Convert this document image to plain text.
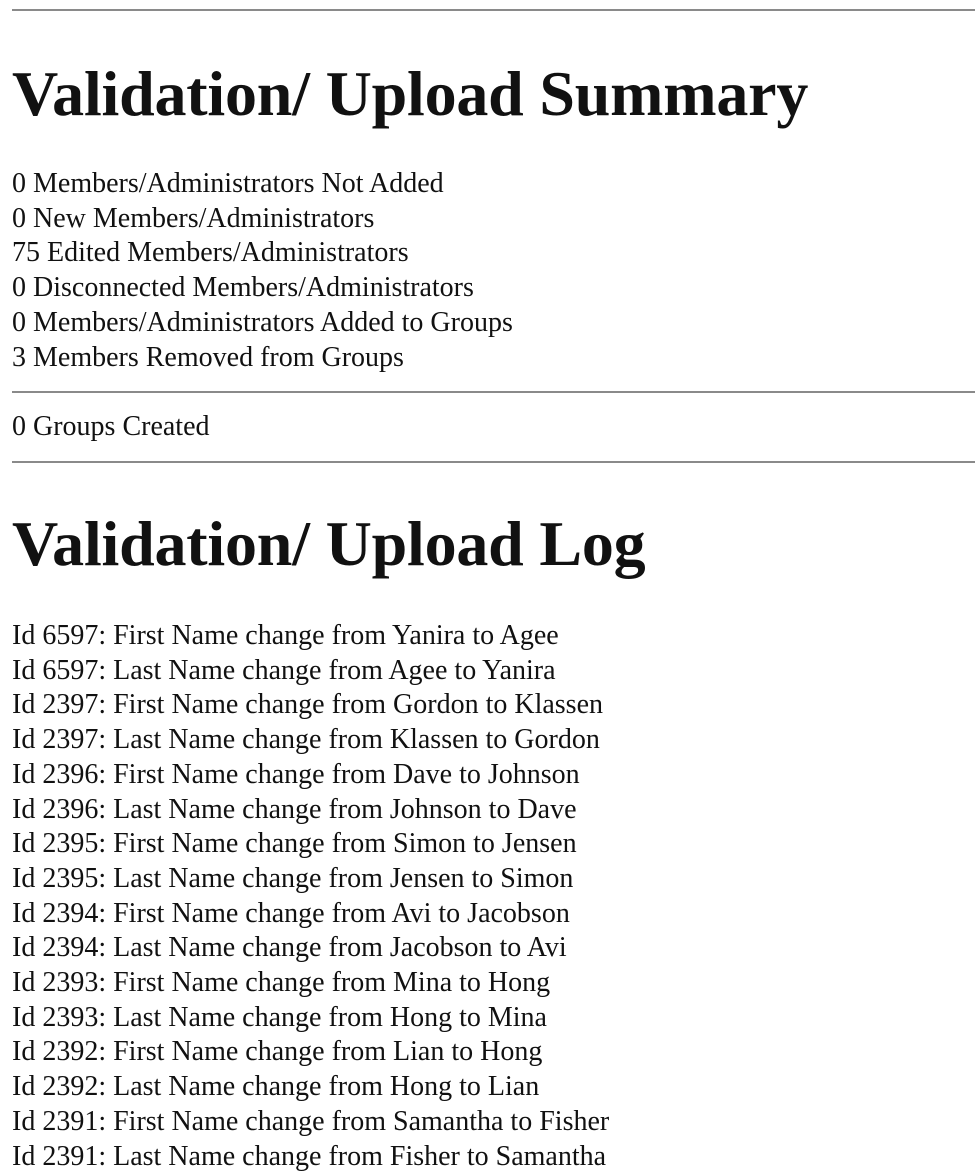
Validation/ Upload Summary
0 Members/Administrators Not Added
0 New Members/Administrators
75 Edited Members/Administrators
0 Disconnected Members/Administrators
0 Members/Administrators Added to Groups
3 Members Removed from Groups
0 Groups Created
Validation/ Upload Log
Id 6597: First Name change from Yanira to Agee
Id 6597: Last Name change from Agee to Yanira
Id 2397: First Name change from Gordon to Klassen
Id 2397: Last Name change from Klassen to Gordon
Id 2396: First Name change from Dave to Johnson
Id 2396: Last Name change from Johnson to Dave
Id 2395: First Name change from Simon to Jensen
Id 2395: Last Name change from Jensen to Simon
Id 2394: First Name change from Avi to Jacobson
Id 2394: Last Name change from Jacobson to Avi
Id 2393: First Name change from Mina to Hong
Id 2393: Last Name change from Hong to Mina
Id 2392: First Name change from Lian to Hong
Id 2392: Last Name change from Hong to Lian
Id 2391: First Name change from Samantha to Fisher
Id 2391: Last Name change from Fisher to Samantha
